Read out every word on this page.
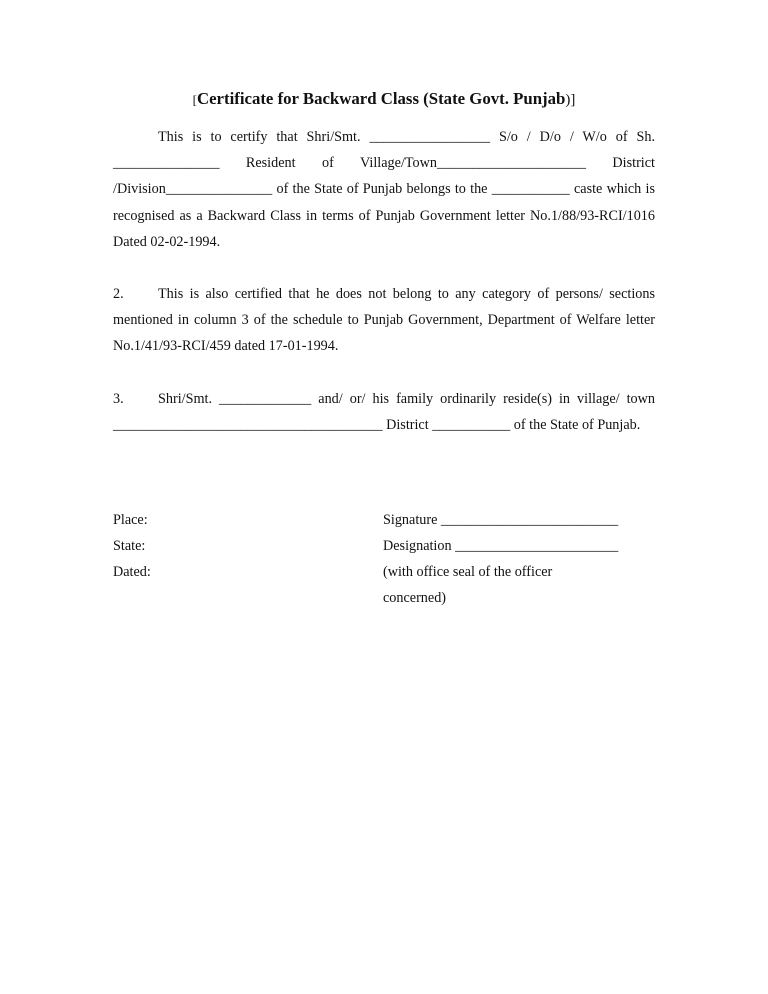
[Certificate for Backward Class (State Govt. Punjab)]

This is to certify that Shri/Smt. _________________ S/o / D/o / W/o of Sh. _______________ Resident of Village/Town_____________________ District /Division_______________ of the State of Punjab belongs to the ___________ caste which is recognised as a Backward Class in terms of Punjab Government letter No.1/88/93-RCI/1016 Dated 02-02-1994.

2. This is also certified that he does not belong to any category of persons/ sections mentioned in column 3 of the schedule to Punjab Government, Department of Welfare letter No.1/41/93-RCI/459 dated 17-01-1994.

3. Shri/Smt. _____________ and/ or/ his family ordinarily reside(s) in village/ town ______________________________________ District ___________ of the State of Punjab.

Place:	Signature _________________________
State:	Designation _______________________
Dated:	(with office seal of the officer
concerned)
